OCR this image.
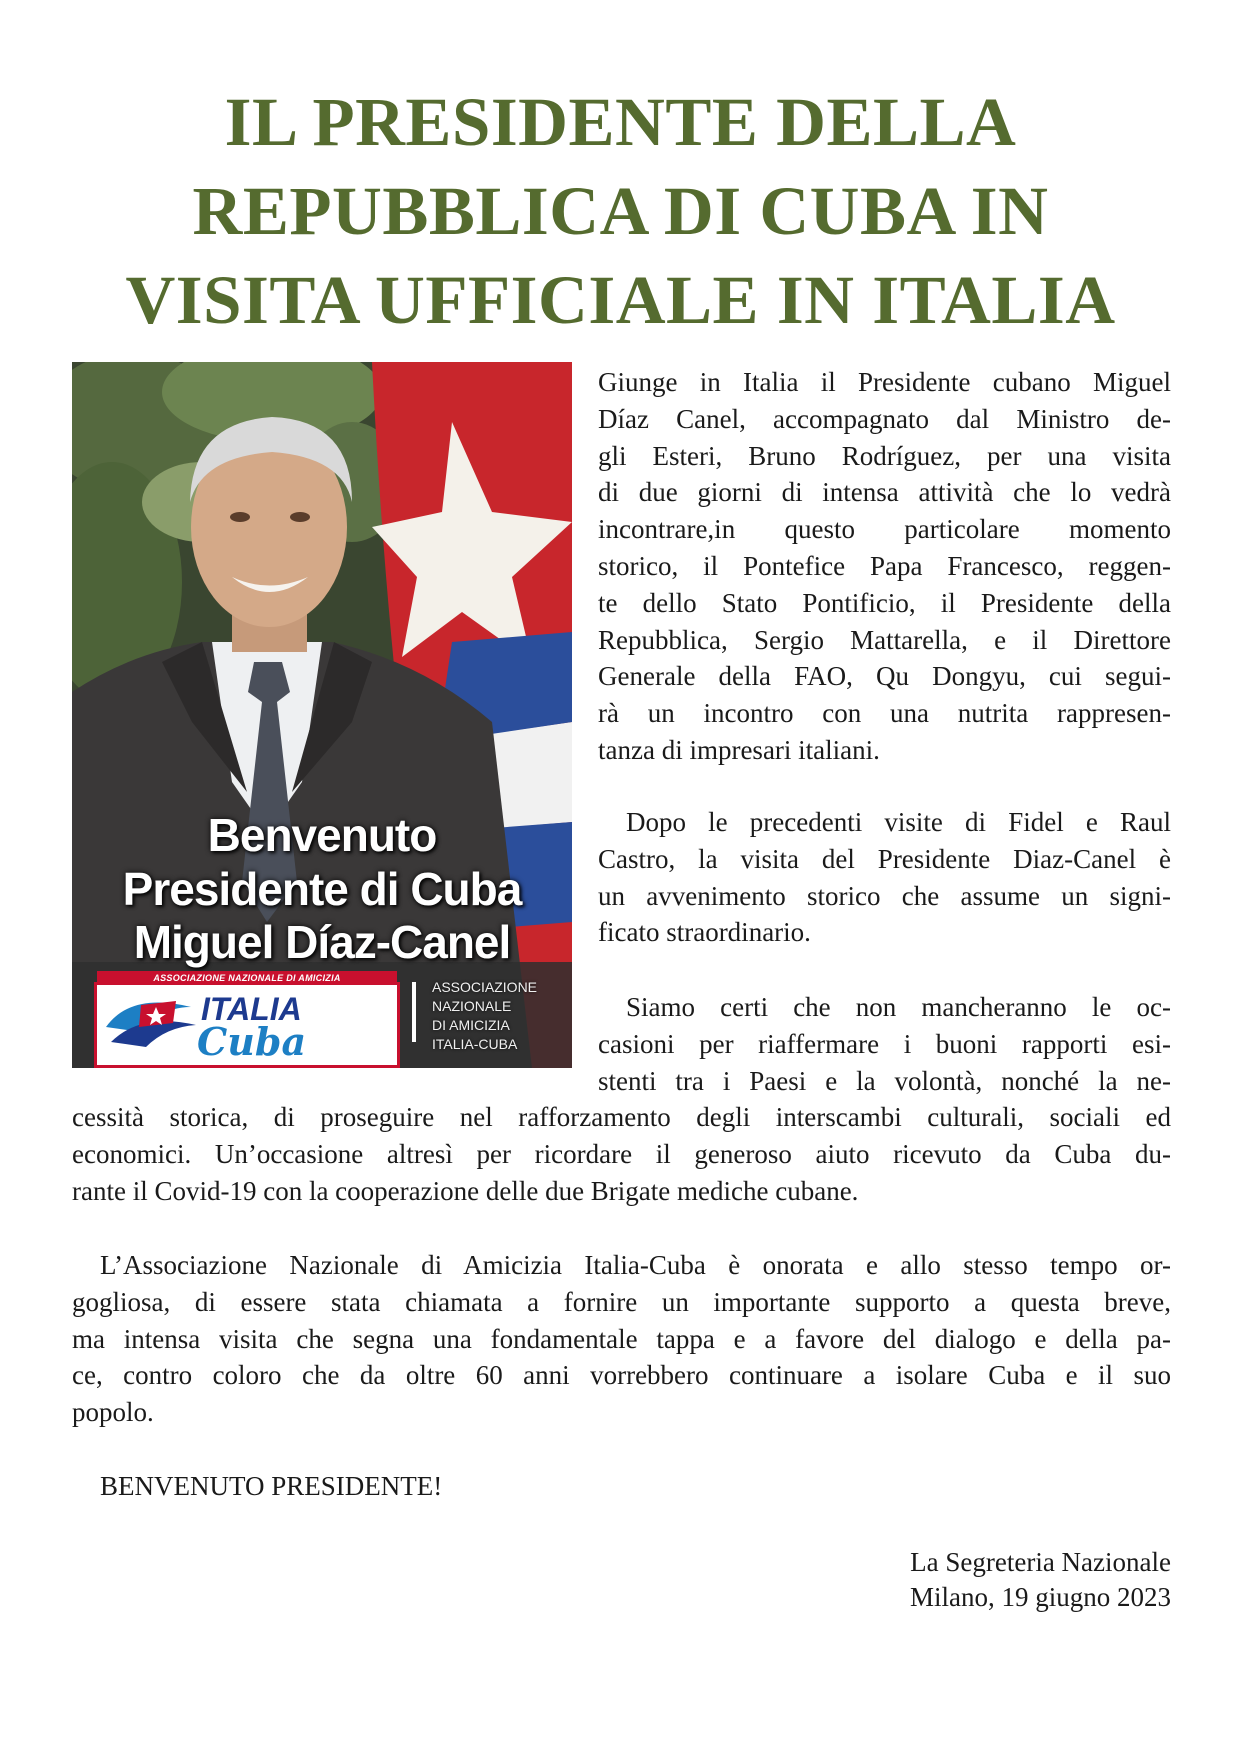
IL PRESIDENTE DELLA
REPUBBLICA DI CUBA IN
VISITA UFFICIALE IN ITALIA
Benvenuto
Presidente di Cuba
Miguel Díaz-Canel
ASSOCIAZIONE NAZIONALE DI AMICIZIA
ITALIA
Cuba
ASSOCIAZIONE
NAZIONALE
DI AMICIZIA
ITALIA-CUBA
Giunge in Italia il Presidente cubano Miguel
Díaz Canel, accompagnato dal Ministro de-
gli Esteri, Bruno Rodríguez, per una visita
di due giorni di intensa attività che lo vedrà
incontrare,in questo particolare momento
storico, il Pontefice Papa Francesco, reggen-
te dello Stato Pontificio, il Presidente della
Repubblica, Sergio Mattarella, e il Direttore
Generale della FAO, Qu Dongyu, cui segui-
rà un incontro con una nutrita rappresen-
tanza di impresari italiani.
Dopo le precedenti visite di Fidel e Raul
Castro, la visita del Presidente Diaz-Canel è
un avvenimento storico che assume un signi-
ficato straordinario.
Siamo certi che non mancheranno le oc-
casioni per riaffermare i buoni rapporti esi-
stenti tra i Paesi e la volontà, nonché la ne-
cessità storica, di proseguire nel rafforzamento degli interscambi culturali, sociali ed
economici. Un’occasione altresì per ricordare il generoso aiuto ricevuto da Cuba du-
rante il Covid-19 con la cooperazione delle due Brigate mediche cubane.
L’Associazione Nazionale di Amicizia Italia-Cuba è onorata e allo stesso tempo or-
gogliosa, di essere stata chiamata a fornire un importante supporto a questa breve,
ma intensa visita che segna una fondamentale tappa e a favore del dialogo e della pa-
ce, contro coloro che da oltre 60 anni vorrebbero continuare a isolare Cuba e il suo
popolo.
BENVENUTO PRESIDENTE!
La Segreteria Nazionale
Milano, 19 giugno 2023
